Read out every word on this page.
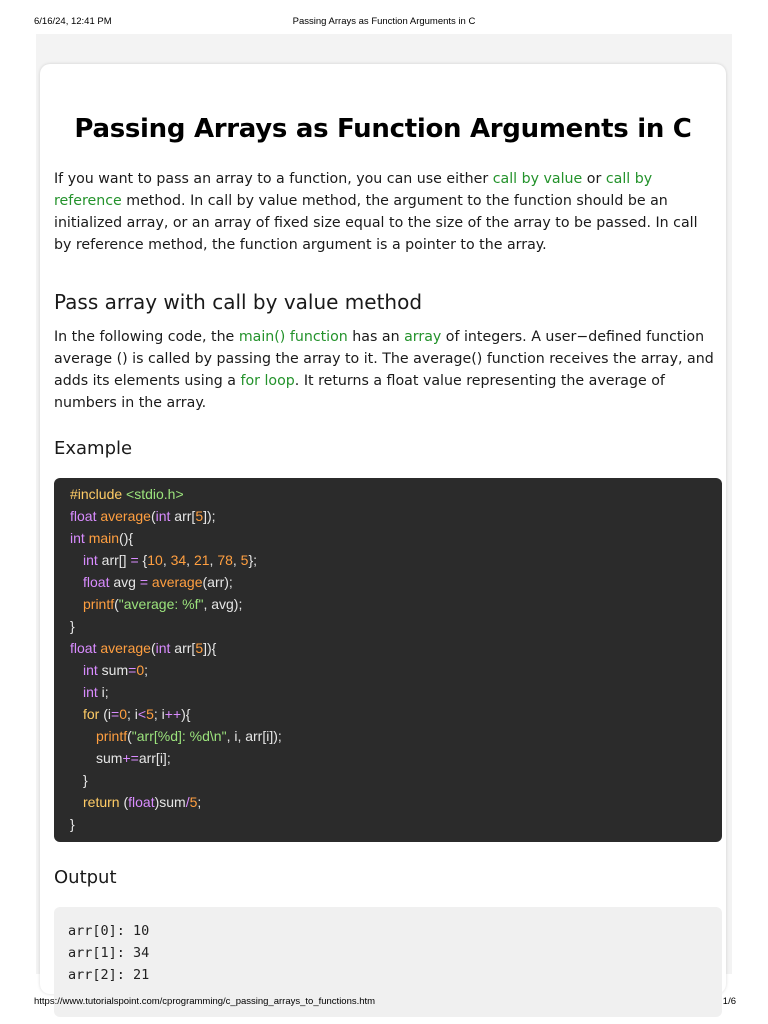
6/16/24, 12:41 PM	Passing Arrays as Function Arguments in C
Passing Arrays as Function Arguments in C
If you want to pass an array to a function, you can use either call by value or call by reference method. In call by value method, the argument to the function should be an initialized array, or an array of fixed size equal to the size of the array to be passed. In call by reference method, the function argument is a pointer to the array.
Pass array with call by value method
In the following code, the main() function has an array of integers. A user−defined function average () is called by passing the array to it. The average() function receives the array, and adds its elements using a for loop. It returns a float value representing the average of numbers in the array.
Example
#include <stdio.h>
float average(int arr[5]);
int main(){
int arr[] = {10, 34, 21, 78, 5};
float avg = average(arr);
printf("average: %f", avg);
}
float average(int arr[5]){
int sum=0;
int i;
for (i=0; i<5; i++){
printf("arr[%d]: %d\n", i, arr[i]);
sum+=arr[i];
}
return (float)sum/5;
}
Output
arr[0]: 10
arr[1]: 34
arr[2]: 21
https://www.tutorialspoint.com/cprogramming/c_passing_arrays_to_functions.htm	1/6
